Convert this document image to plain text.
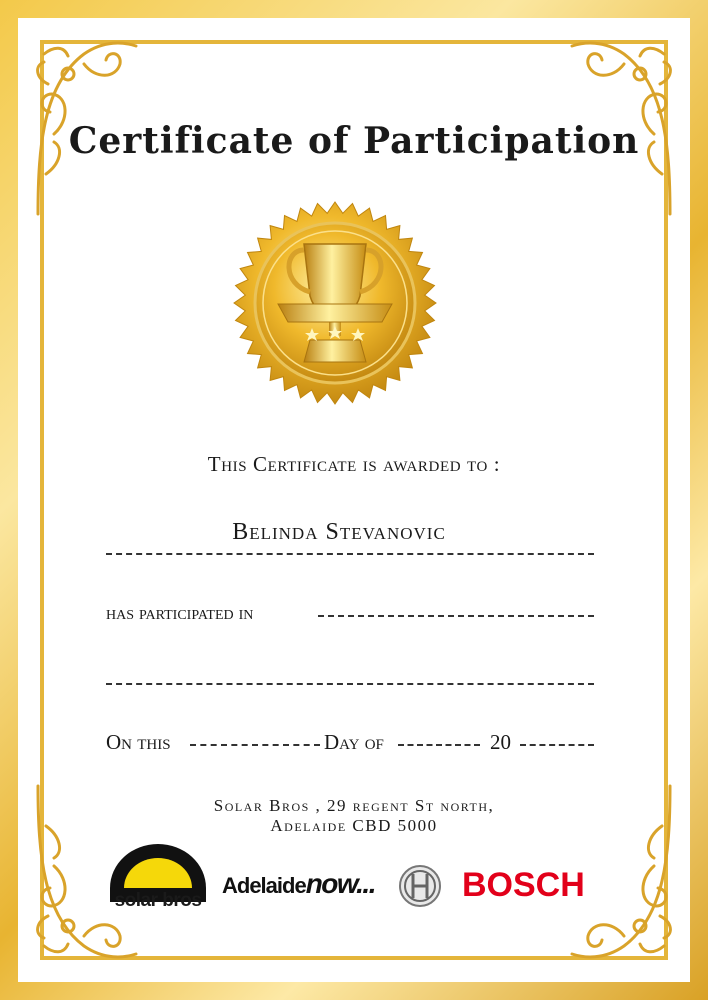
Certificate of Participation
This Certificate is awarded to :
Belinda Stevanovic
has participated in
On this	Day of	20
Solar Bros , 29 regent St north,
Adelaide CBD 5000
solar bros
Adelaidenow...	BOSCH
